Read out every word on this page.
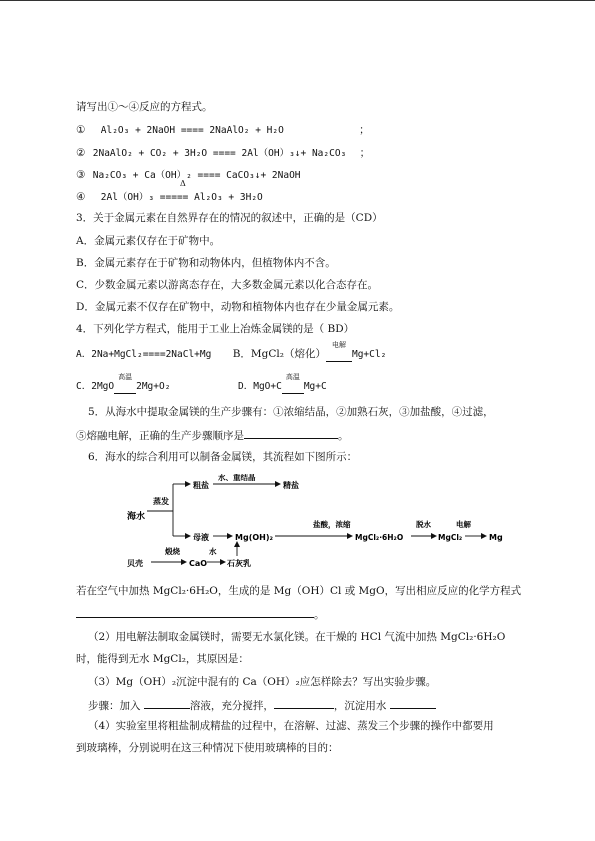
请写出①～④反应的方程式。
① Al₂O₃ + 2NaOH ==== 2NaAlO₂ + H₂O	；
② 2NaAlO₂ + CO₂ + 3H₂O ==== 2Al（OH）₃↓+ Na₂CO₃ ；
③ Na₂CO₃ + Ca（OH）₂ ==== CaCO₃↓+ 2NaOH
Δ
④ 2Al（OH）₃ ===== Al₂O₃ + 3H₂O
3．关于金属元素在自然界存在的情况的叙述中，正确的是（CD）
A．金属元素仅存在于矿物中。
B．金属元素存在于矿物和动物体内，但植物体内不含。
C．少数金属元素以游离态存在，大多数金属元素以化合态存在。
D．金属元素不仅存在矿物中，动物和植物体内也存在少量金属元素。
4．下列化学方程式，能用于工业上冶炼金属镁的是（ BD）
A．2Na+MgCl₂====2NaCl+Mg B．MgCl₂（熔化）
电解
Mg+Cl₂
C．2MgO
高温
2Mg+O₂	D．MgO+C
高温
Mg+C
5．从海水中提取金属镁的生产步骤有：①浓缩结晶，②加熟石灰，③加盐酸，④过滤，
⑤熔融电解，正确的生产步骤顺序是	。
6．海水的综合利用可以制备金属镁，其流程如下图所示：
海水
蒸发
粗盐
水、重结晶
精盐
母液	Mg(OH)₂
盐酸，浓缩
MgCl₂·6H₂O
脱水
MgCl₂
电解
Mg
贝壳
煅烧
CaO
水
石灰乳
若在空气中加热 MgCl₂·6H₂O，生成的是 Mg（OH）Cl 或 MgO，写出相应反应的化学方程式
。
（2）用电解法制取金属镁时，需要无水氯化镁。在干燥的 HCl 气流中加热 MgCl₂·6H₂O
时，能得到无水 MgCl₂，其原因是：
（3）Mg（OH）₂沉淀中混有的 Ca（OH）₂应怎样除去？写出实验步骤。
步骤：加入	溶液，充分搅拌，	，沉淀用水
（4）实验室里将粗盐制成精盐的过程中，在溶解、过滤、蒸发三个步骤的操作中都要用
到玻璃棒，分别说明在这三种情况下使用玻璃棒的目的：
